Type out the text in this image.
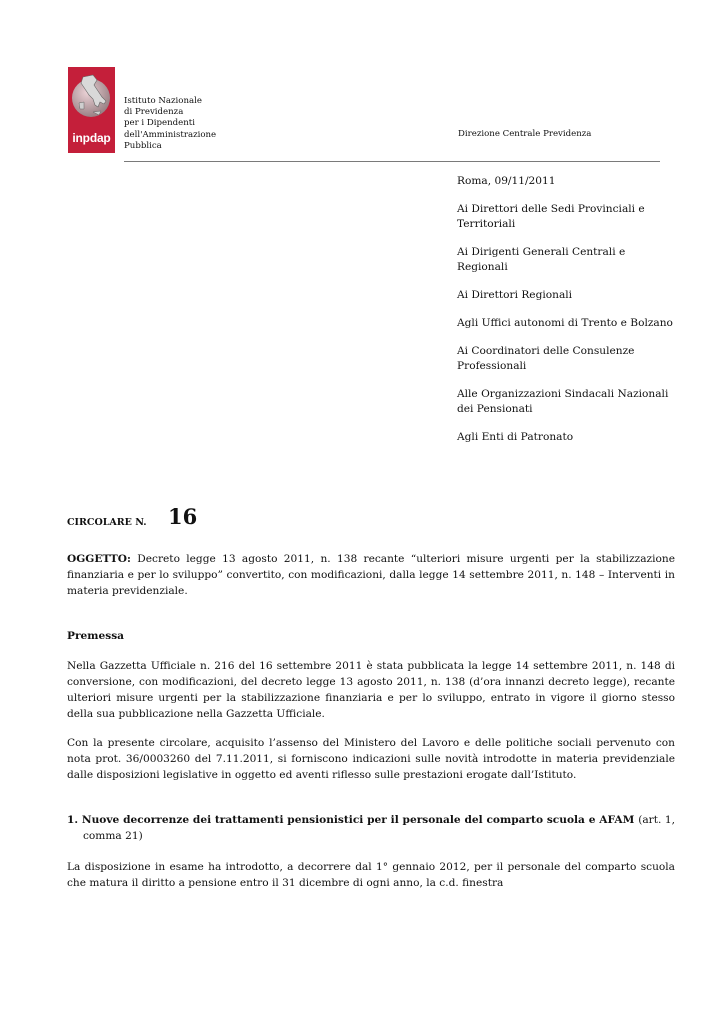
inpdap
Istituto Nazionale
di Previdenza
per i Dipendenti
dell'Amministrazione
Pubblica
Direzione Centrale Previdenza
Roma, 09/11/2011
Ai Direttori delle Sedi Provinciali e Territoriali
Ai Dirigenti Generali Centrali e Regionali
Ai Direttori Regionali
Agli Uffici autonomi di Trento e Bolzano
Ai Coordinatori delle Consulenze Professionali
Alle Organizzazioni Sindacali Nazionali dei Pensionati
Agli Enti di Patronato
CIRCOLARE N. 16

OGGETTO: Decreto legge 13 agosto 2011, n. 138 recante “ulteriori misure urgenti per la stabilizzazione finanziaria e per lo sviluppo” convertito, con modificazioni, dalla legge 14 settembre 2011, n. 148 – Interventi in materia previdenziale.

Premessa

Nella Gazzetta Ufficiale n. 216 del 16 settembre 2011 è stata pubblicata la legge 14 settembre 2011, n. 148 di conversione, con modificazioni, del decreto legge 13 agosto 2011, n. 138 (d’ora innanzi decreto legge), recante ulteriori misure urgenti per la stabilizzazione finanziaria e per lo sviluppo, entrato in vigore il giorno stesso della sua pubblicazione nella Gazzetta Ufficiale.

Con la presente circolare, acquisito l’assenso del Ministero del Lavoro e delle politiche sociali pervenuto con nota prot. 36/0003260 del 7.11.2011, si forniscono indicazioni sulle novità introdotte in materia previdenziale dalle disposizioni legislative in oggetto ed aventi riflesso sulle prestazioni erogate dall’Istituto.

1. Nuove decorrenze dei trattamenti pensionistici per il personale del comparto scuola e AFAM (art. 1, comma 21)

La disposizione in esame ha introdotto, a decorrere dal 1° gennaio 2012, per il personale del comparto scuola che matura il diritto a pensione entro il 31 dicembre di ogni anno, la c.d. finestra
